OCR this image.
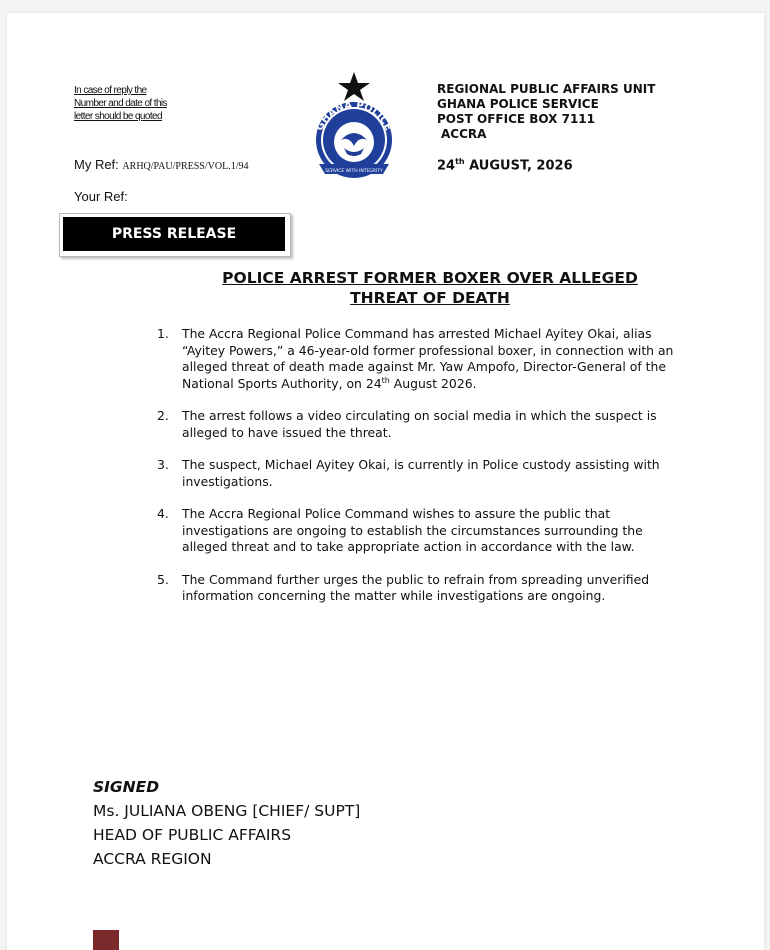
In case of reply the
Number and date of this
letter should be quoted
My Ref: ARHQ/PAU/PRESS/VOL.1/94
Your Ref:
GHANA POLICE
SERVICE WITH INTEGRITY
REGIONAL PUBLIC AFFAIRS UNIT
GHANA POLICE SERVICE
POST OFFICE BOX 7111
ACCRA
24th AUGUST, 2026
PRESS RELEASE
POLICE ARREST FORMER BOXER OVER ALLEGED
THREAT OF DEATH
1. The Accra Regional Police Command has arrested Michael Ayitey Okai, alias “Ayitey Powers,” a 46-year-old former professional boxer, in connection with an alleged threat of death made against Mr. Yaw Ampofo, Director-General of the National Sports Authority, on 24th August 2026.
2. The arrest follows a video circulating on social media in which the suspect is alleged to have issued the threat.
3. The suspect, Michael Ayitey Okai, is currently in Police custody assisting with investigations.
4. The Accra Regional Police Command wishes to assure the public that investigations are ongoing to establish the circumstances surrounding the alleged threat and to take appropriate action in accordance with the law.
5. The Command further urges the public to refrain from spreading unverified information concerning the matter while investigations are ongoing.
SIGNED
Ms. JULIANA OBENG [CHIEF/ SUPT]
HEAD OF PUBLIC AFFAIRS
ACCRA REGION
